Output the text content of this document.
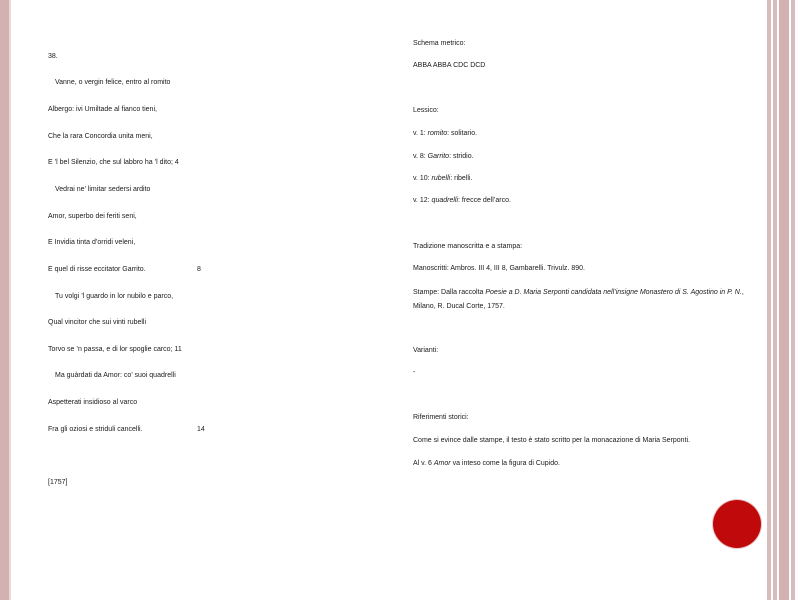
38.
Vanne, o vergin felice, entro al romito
Albergo: ivi Umiltade al fianco tieni,
Che la rara Concordia unita meni,
E ’l bel Silenzio, che sul labbro ha ’l dito; 4
Vedrai ne’ limitar sedersi ardito
Amor, superbo dei feriti seni,
E Invidia tinta d’orridi veleni,
E quel di risse eccitator Garrito.	8
Tu volgi ’l guardo in lor nubilo e parco,
Qual vincitor che sui vinti rubelli
Torvo se ’n passa, e di lor spoglie carco; 11
Ma guàrdati da Amor: co’ suoi quadrelli
Aspetterati insidioso al varco
Fra gli oziosi e striduli cancelli.	14
[1757]
Schema metrico:
ABBA ABBA CDC DCD
Lessico:
v. 1: romito: solitario.
v. 8: Garrito: stridio.
v. 10: rubelli: ribelli.
v. 12: quadrelli: frecce dell’arco.
Tradizione manoscritta e a stampa:
Manoscritti: Ambros. III 4, III 8, Gambarelli. Trivulz. 890.
Stampe: Dalla raccolta Poesie a D. Maria Serponti candidata nell’insigne Monastero di S. Agostino in P. N., Milano, R. Ducal Corte, 1757.
Varianti:
-
Riferimenti storici:
Come si evince dalle stampe, il testo è stato scritto per la monacazione di Maria Serponti.
Al v. 6 Amor va inteso come la figura di Cupido.
